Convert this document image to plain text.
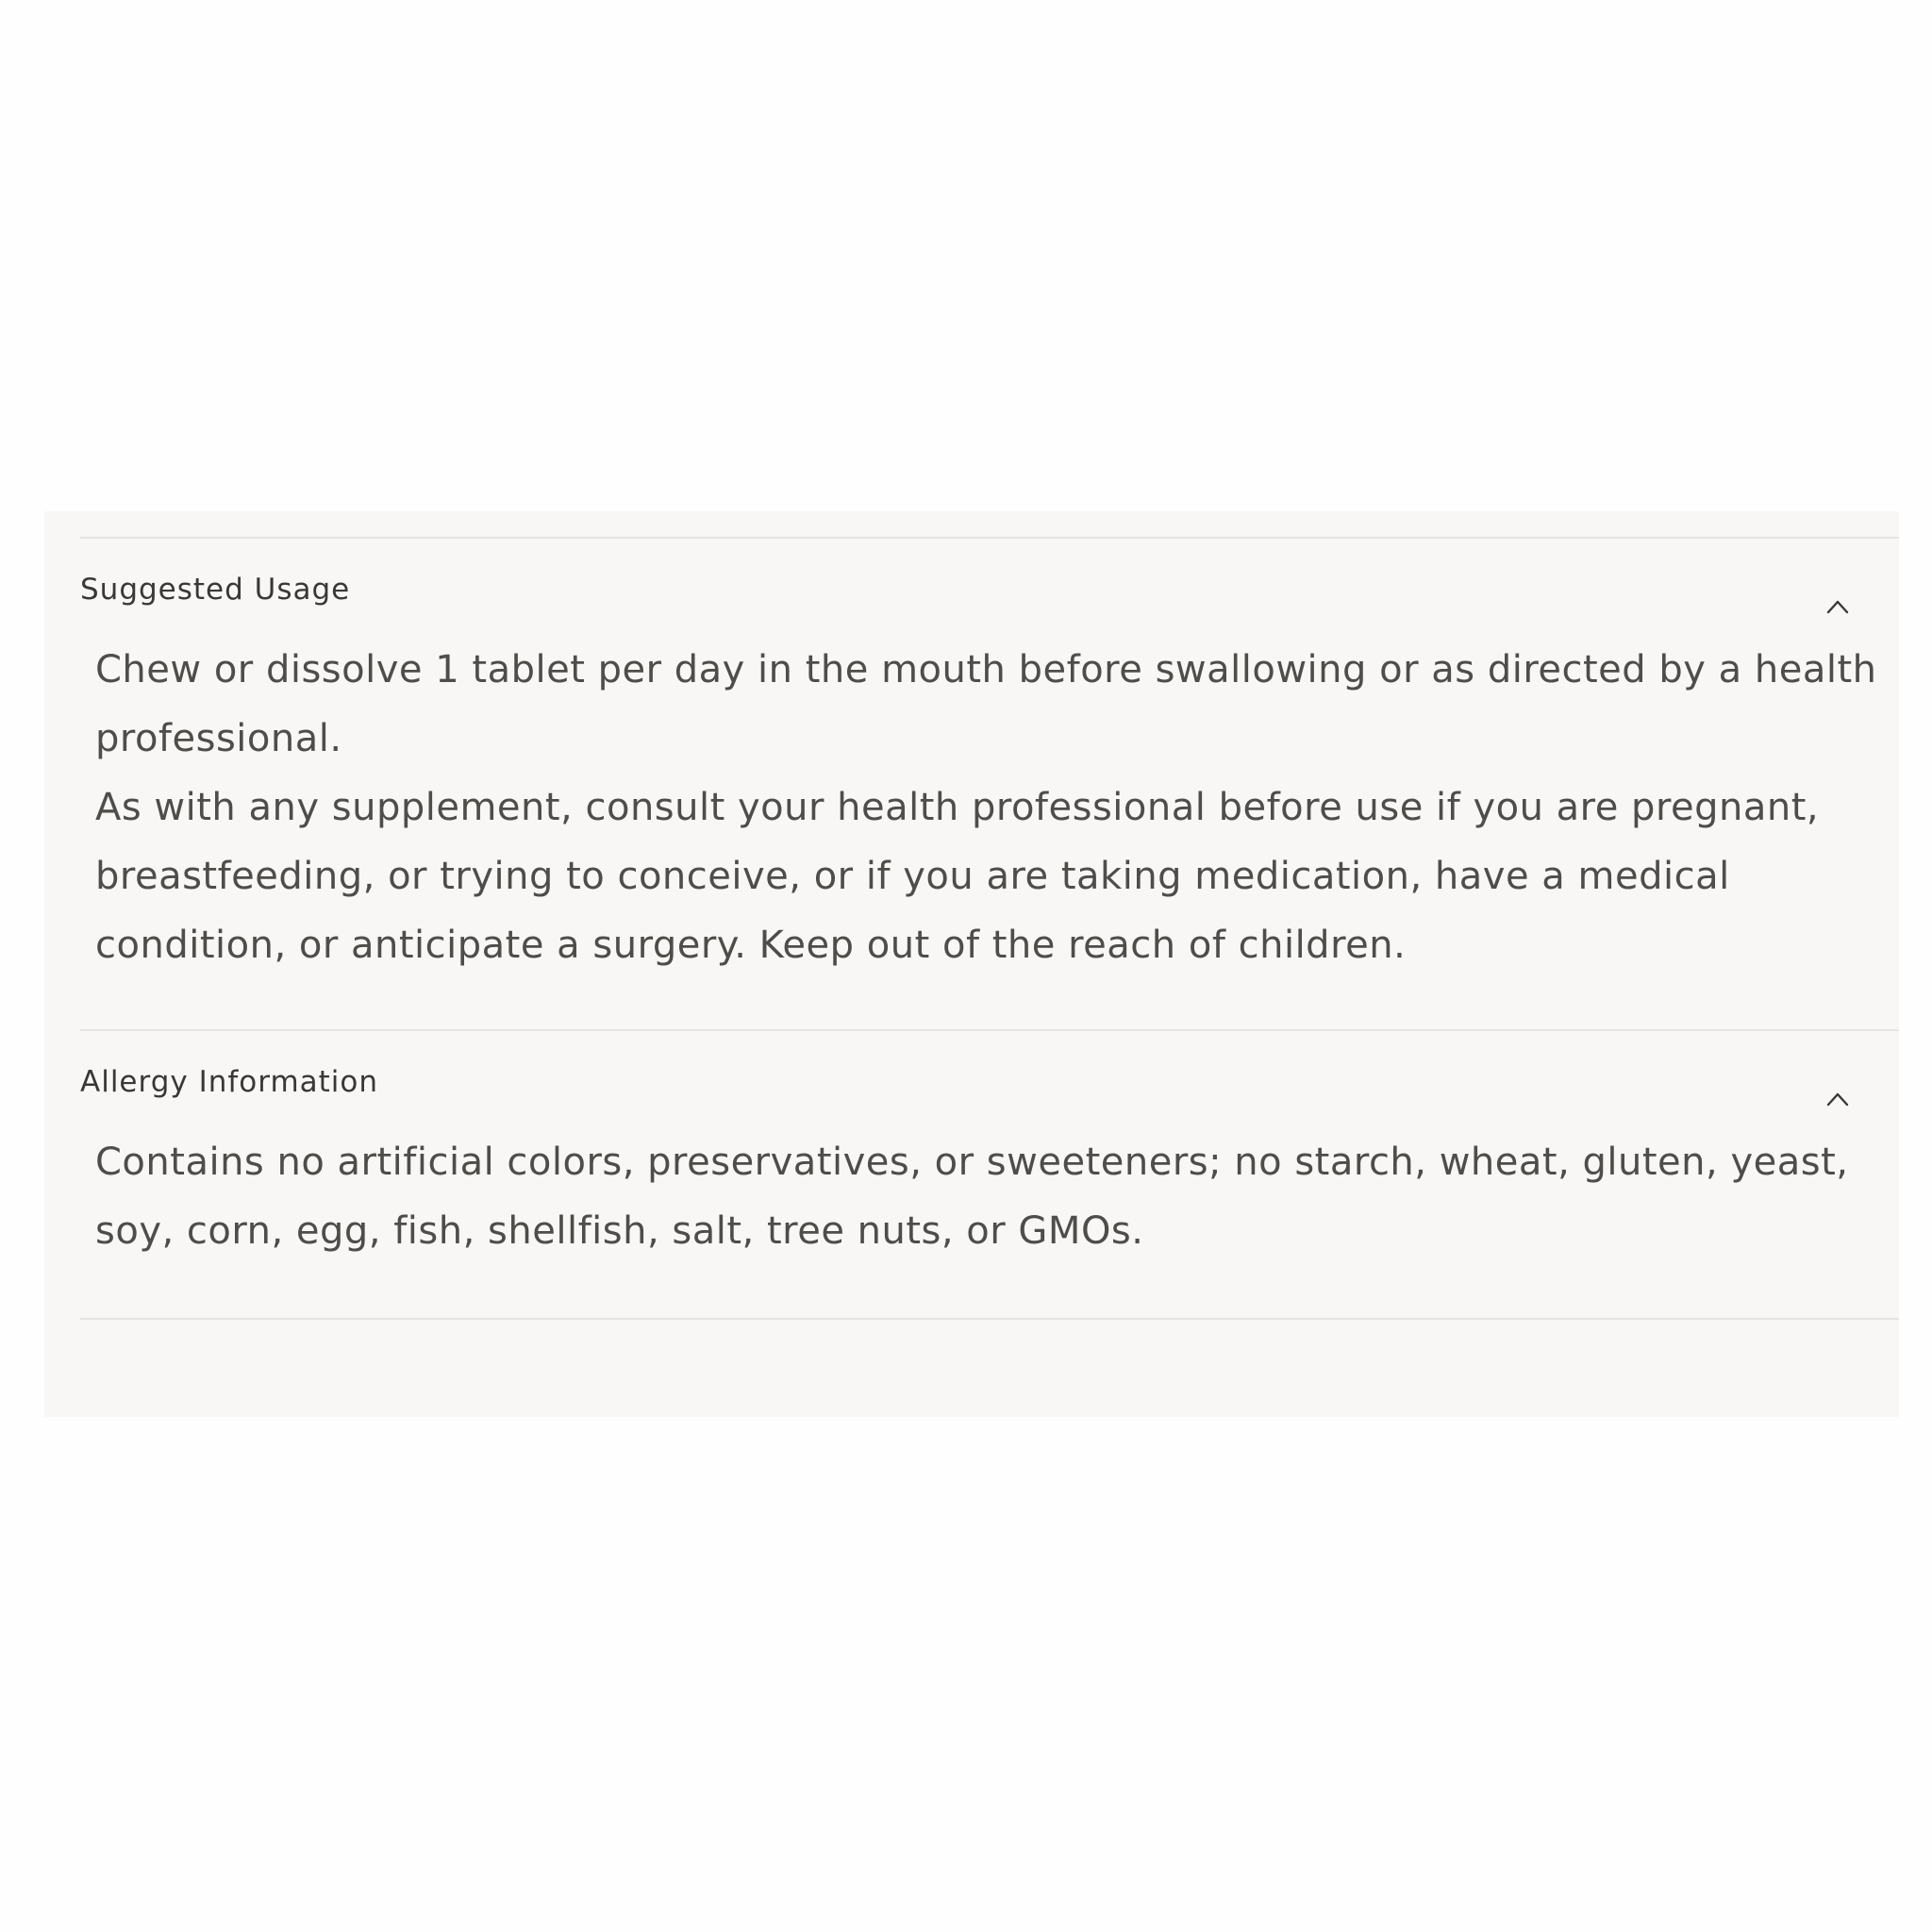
Suggested Usage

Chew or dissolve 1 tablet per day in the mouth before swallowing or as directed by a health professional.

As with any supplement, consult your health professional before use if you are pregnant, breastfeeding, or trying to conceive, or if you are taking medication, have a medical condition, or anticipate a surgery. Keep out of the reach of children.

Allergy Information

Contains no artificial colors, preservatives, or sweeteners; no starch, wheat, gluten, yeast, soy, corn, egg, fish, shellfish, salt, tree nuts, or GMOs.
